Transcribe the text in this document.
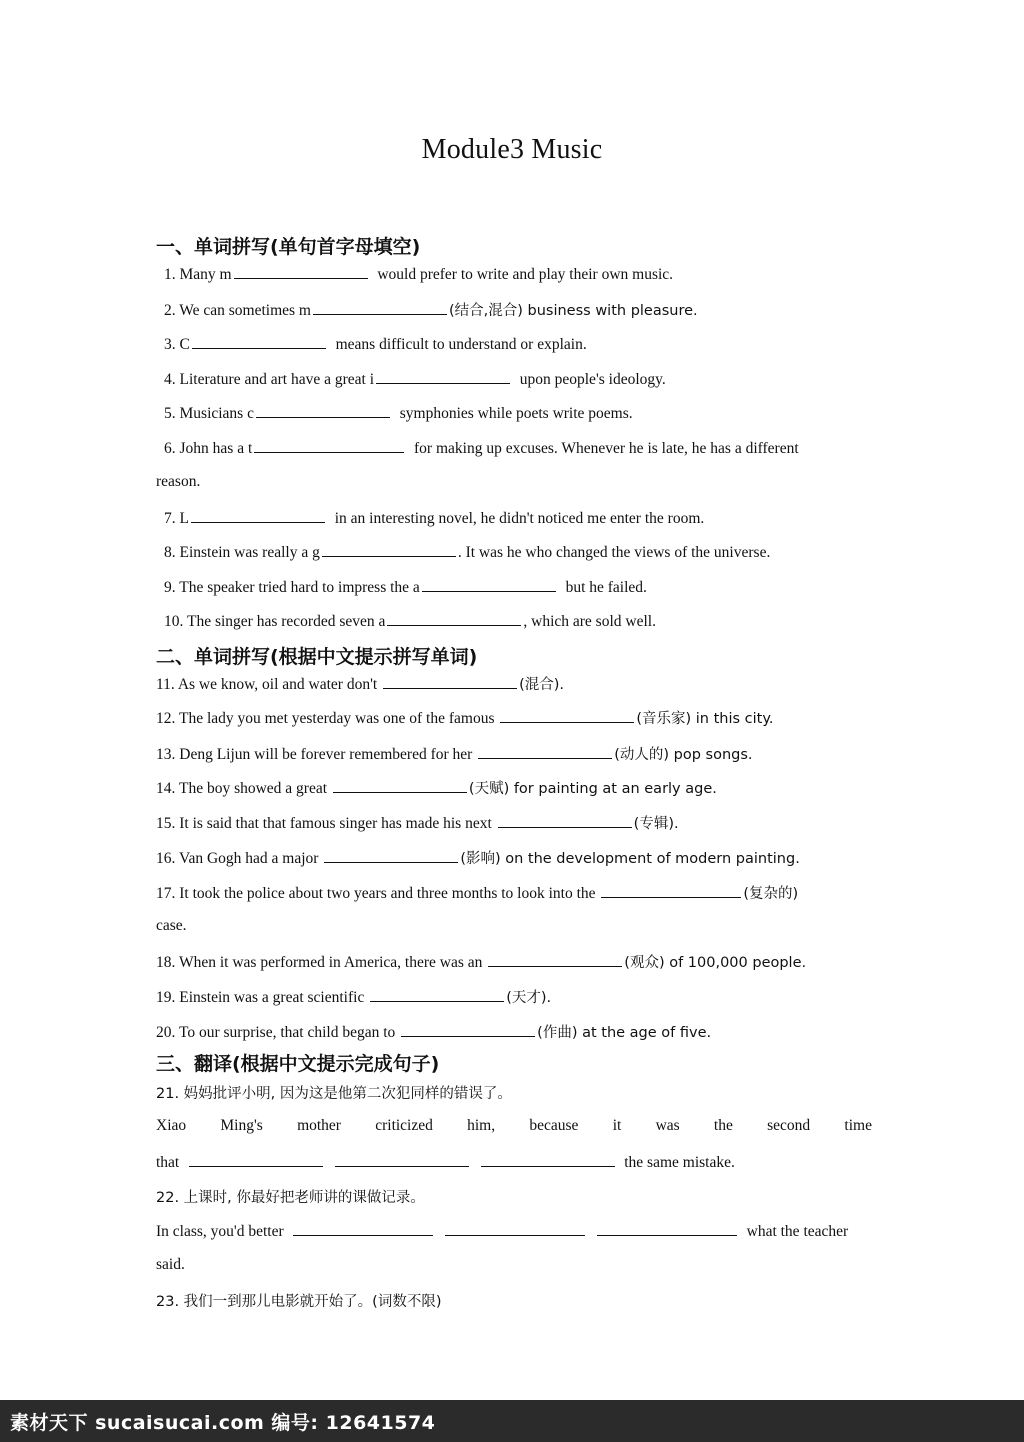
Module3 Music
一、单词拼写(单句首字母填空)
1. Many m	would prefer to write and play their own music.
2. We can sometimes m	(结合,混合) business with pleasure.
3. C	means difficult to understand or explain.
4. Literature and art have a great i	upon people's ideology.
5. Musicians c	symphonies while poets write poems.
6. John has a t	for making up excuses. Whenever he is late, he has a different
reason.
7. L	in an interesting novel, he didn't noticed me enter the room.
8. Einstein was really a g	. It was he who changed the views of the universe.
9. The speaker tried hard to impress the a	but he failed.
10. The singer has recorded seven a	, which are sold well.
二、单词拼写(根据中文提示拼写单词)
11. As we know, oil and water don't	(混合).
12. The lady you met yesterday was one of the famous	(音乐家) in this city.
13. Deng Lijun will be forever remembered for her	(动人的) pop songs.
14. The boy showed a great	(天赋) for painting at an early age.
15. It is said that that famous singer has made his next	(专辑).
16. Van Gogh had a major	(影响) on the development of modern painting.
17. It took the police about two years and three months to look into the	(复杂的)
case.
18. When it was performed in America, there was an	(观众) of 100,000 people.
19. Einstein was a great scientific	(天才).
20. To our surprise, that child began to	(作曲) at the age of five.
三、翻译(根据中文提示完成句子)
21. 妈妈批评小明, 因为这是他第二次犯同样的错误了。
Xiao Ming's mother criticized him, because it was the second time
that	the same mistake.
22. 上课时, 你最好把老师讲的课做记录。
In class, you'd better	what the teacher
said.
23. 我们一到那儿电影就开始了。(词数不限)
素材天下 sucaisucai.com 编号: 12641574
